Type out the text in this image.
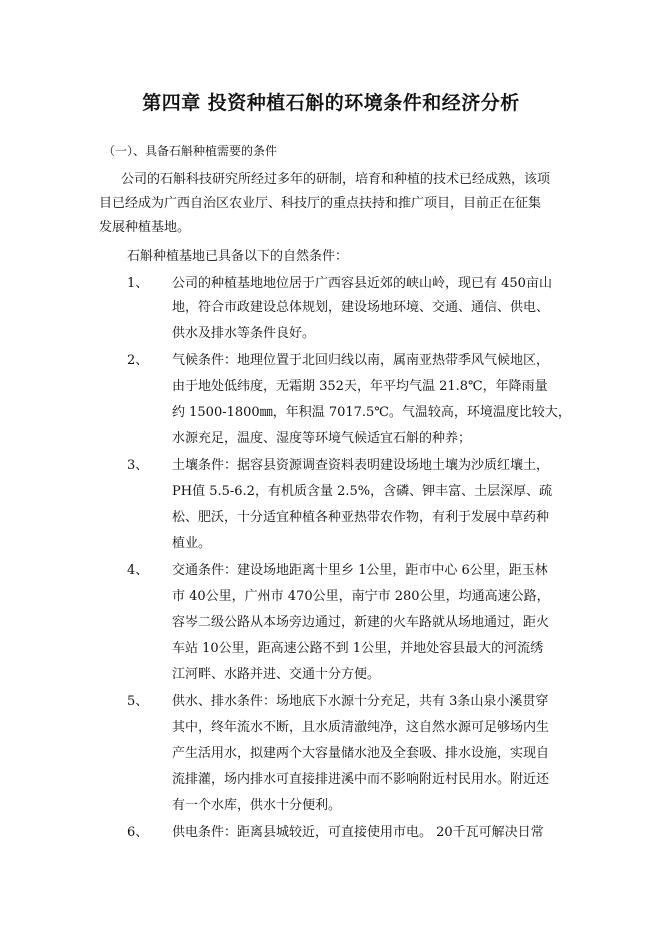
第四章 投资种植石斛的环境条件和经济分析
（一）、具备石斛种植需要的条件
公司的石斛科技研究所经过多年的研制，培育和种植的技术已经成熟，该项
目已经成为广西自治区农业厅、科技厅的重点扶持和推广项目，目前正在征集
发展种植基地。
石斛种植基地已具备以下的自然条件：
1、 公司的种植基地地位居于广西容县近郊的峡山岭，现已有 450亩山
地，符合市政建设总体规划，建设场地环境、交通、通信、供电、
供水及排水等条件良好。
2、 气候条件：地理位置于北回归线以南，属南亚热带季风气候地区，
由于地处低纬度，无霜期 352天，年平均气温 21.8℃，年降雨量
约 1500-1800㎜，年积温 7017.5℃。气温较高，环境温度比较大，
水源充足，温度、湿度等环境气候适宜石斛的种养；
3、 土壤条件：据容县资源调查资料表明建设场地土壤为沙质红壤土，
PH值 5.5-6.2，有机质含量 2.5%，含磷、钾丰富、土层深厚、疏
松、肥沃，十分适宜种植各种亚热带农作物，有利于发展中草药种
植业。
4、 交通条件：建设场地距离十里乡 1公里，距市中心 6公里，距玉林
市 40公里，广州市 470公里，南宁市 280公里，均通高速公路，
容岑二级公路从本场旁边通过，新建的火车路就从场地通过，距火
车站 10公里，距高速公路不到 1公里，并地处容县最大的河流绣
江河畔、水路并进、交通十分方便。
5、 供水、排水条件：场地底下水源十分充足，共有 3条山泉小溪贯穿
其中，终年流水不断，且水质清澈纯净，这自然水源可足够场内生
产生活用水，拟建两个大容量储水池及全套吸、排水设施，实现自
流排灌，场内排水可直接排进溪中而不影响附近村民用水。附近还
有一个水库，供水十分便利。
6、 供电条件：距离县城较近，可直接使用市电。 20千瓦可解决日常
